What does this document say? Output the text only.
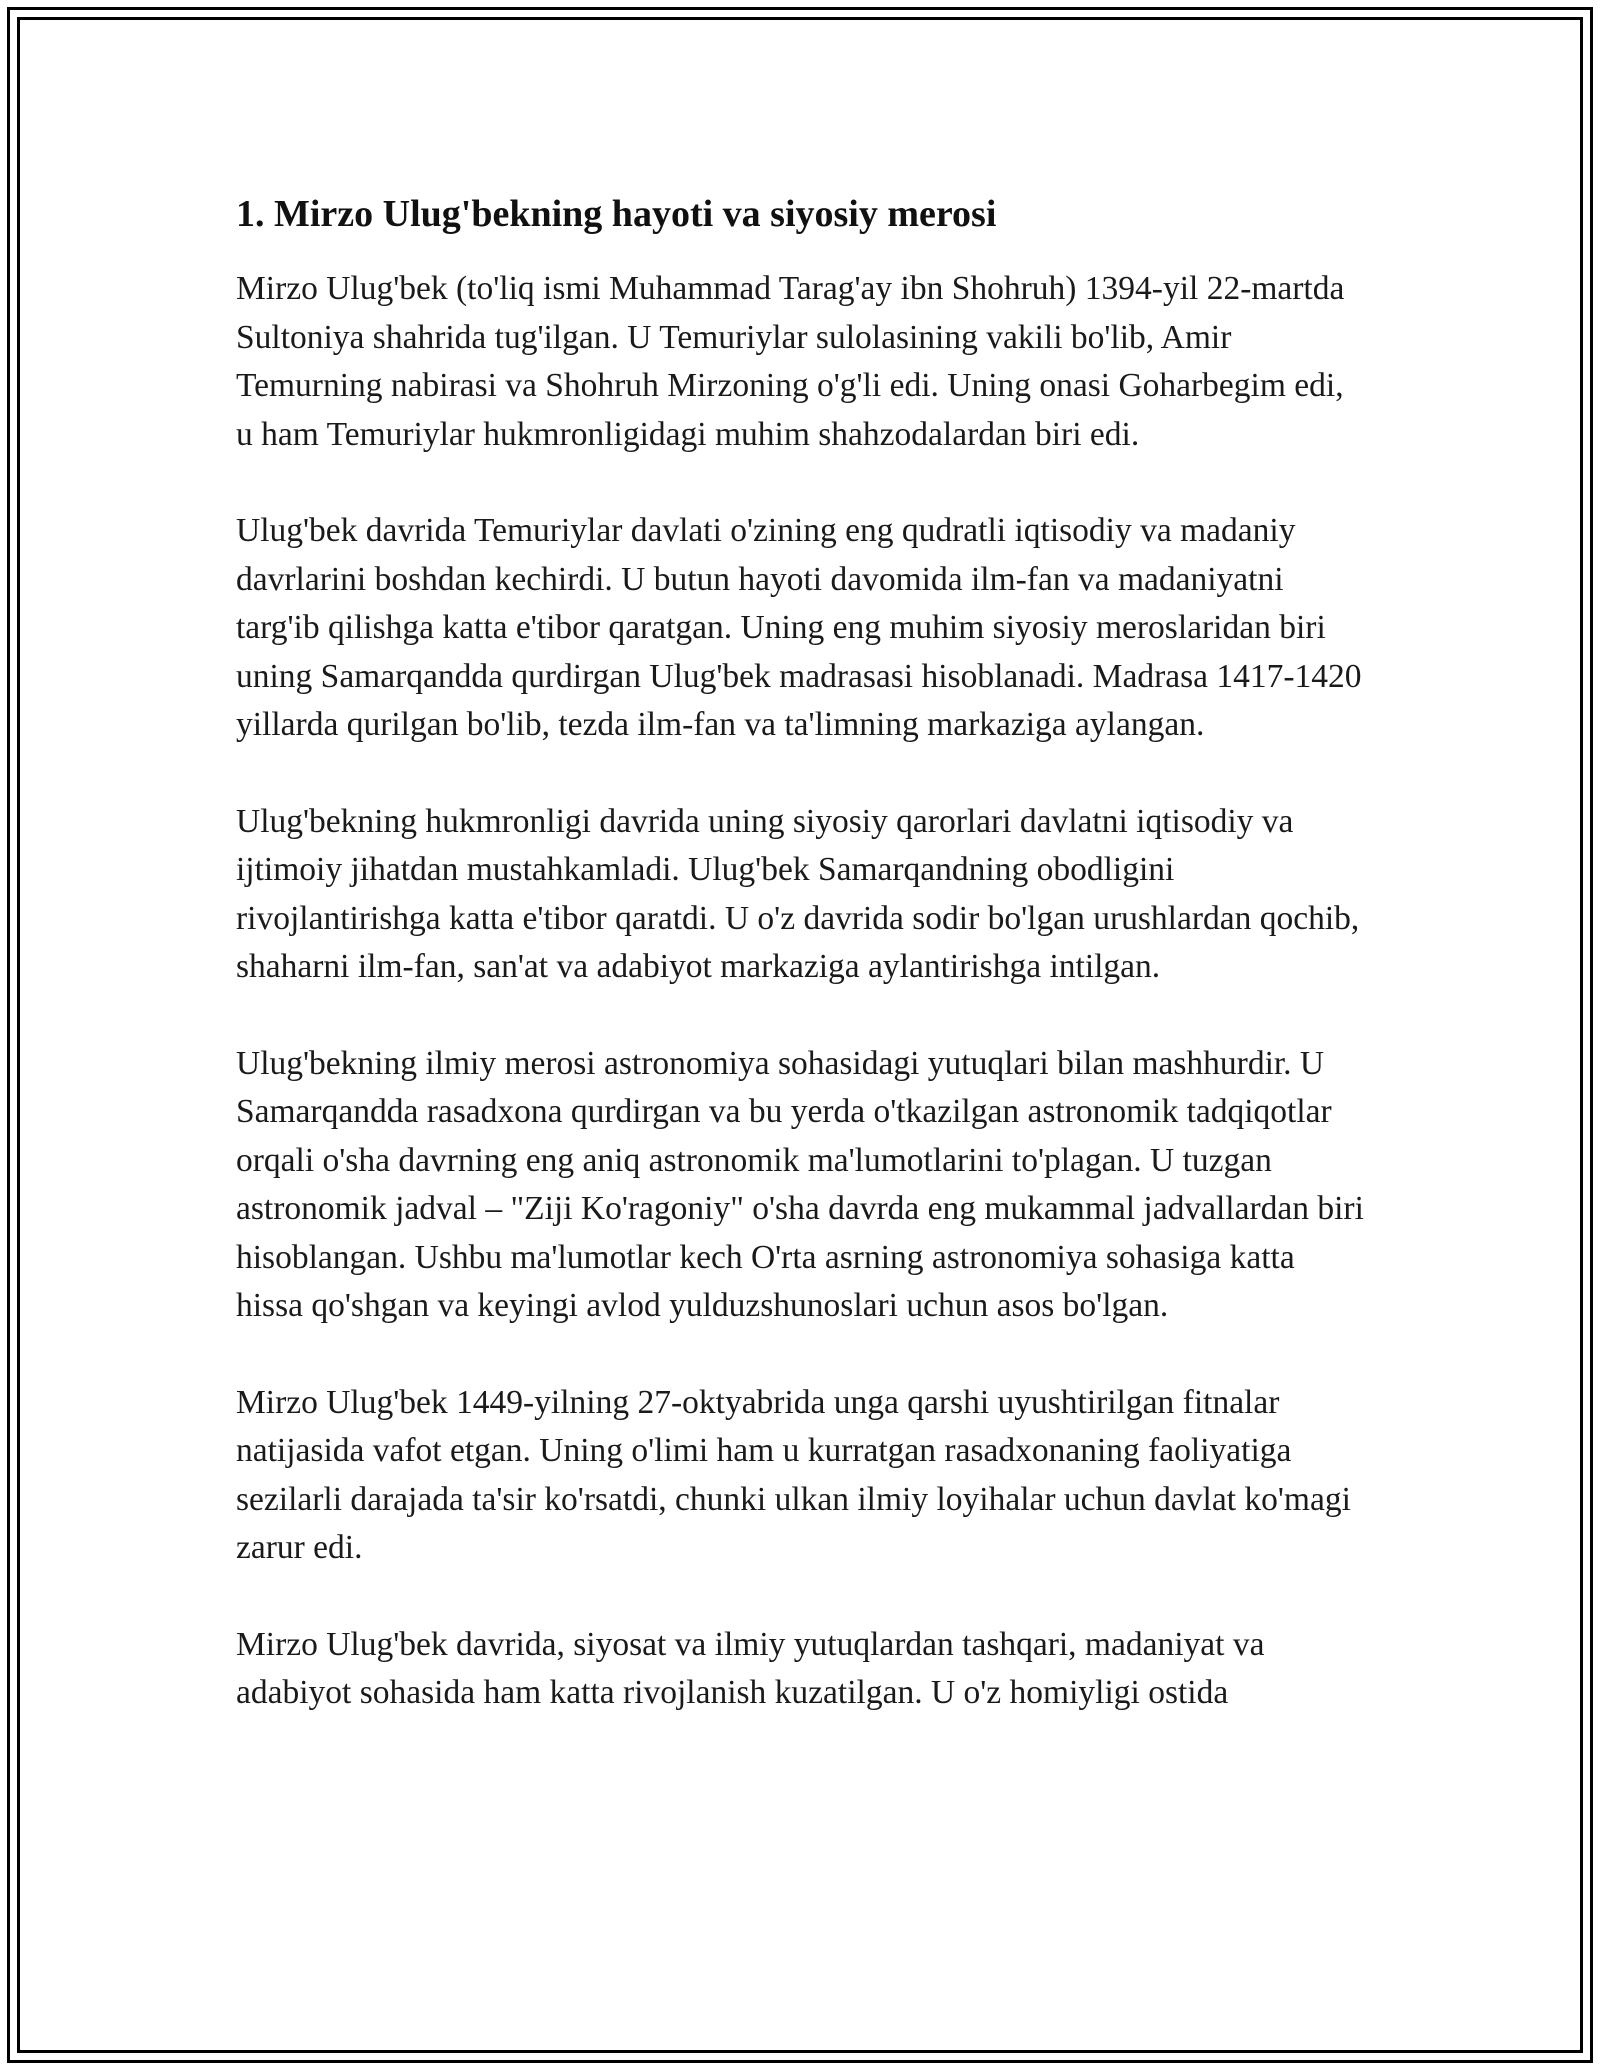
1. Mirzo Ulug'bekning hayoti va siyosiy merosi

Mirzo Ulug'bek (to'liq ismi Muhammad Tarag'ay ibn Shohruh) 1394-yil 22-martda Sultoniya shahrida tug'ilgan. U Temuriylar sulolasining vakili bo'lib, Amir Temurning nabirasi va Shohruh Mirzoning o'g'li edi. Uning onasi Goharbegim edi, u ham Temuriylar hukmronligidagi muhim shahzodalardan biri edi.

Ulug'bek davrida Temuriylar davlati o'zining eng qudratli iqtisodiy va madaniy davrlarini boshdan kechirdi. U butun hayoti davomida ilm-fan va madaniyatni targ'ib qilishga katta e'tibor qaratgan. Uning eng muhim siyosiy meroslaridan biri uning Samarqandda qurdirgan Ulug'bek madrasasi hisoblanadi. Madrasa 1417-1420 yillarda qurilgan bo'lib, tezda ilm-fan va ta'limning markaziga aylangan.

Ulug'bekning hukmronligi davrida uning siyosiy qarorlari davlatni iqtisodiy va ijtimoiy jihatdan mustahkamladi. Ulug'bek Samarqandning obodligini rivojlantirishga katta e'tibor qaratdi. U o'z davrida sodir bo'lgan urushlardan qochib, shaharni ilm-fan, san'at va adabiyot markaziga aylantirishga intilgan.

Ulug'bekning ilmiy merosi astronomiya sohasidagi yutuqlari bilan mashhurdir. U Samarqandda rasadxona qurdirgan va bu yerda o'tkazilgan astronomik tadqiqotlar orqali o'sha davrning eng aniq astronomik ma'lumotlarini to'plagan. U tuzgan astronomik jadval – "Ziji Ko'ragoniy" o'sha davrda eng mukammal jadvallardan biri hisoblangan. Ushbu ma'lumotlar kech O'rta asrning astronomiya sohasiga katta hissa qo'shgan va keyingi avlod yulduzshunoslari uchun asos bo'lgan.

Mirzo Ulug'bek 1449-yilning 27-oktyabrida unga qarshi uyushtirilgan fitnalar natijasida vafot etgan. Uning o'limi ham u kurratgan rasadxonaning faoliyatiga sezilarli darajada ta'sir ko'rsatdi, chunki ulkan ilmiy loyihalar uchun davlat ko'magi zarur edi.

Mirzo Ulug'bek davrida, siyosat va ilmiy yutuqlardan tashqari, madaniyat va adabiyot sohasida ham katta rivojlanish kuzatilgan. U o'z homiyligi ostida
